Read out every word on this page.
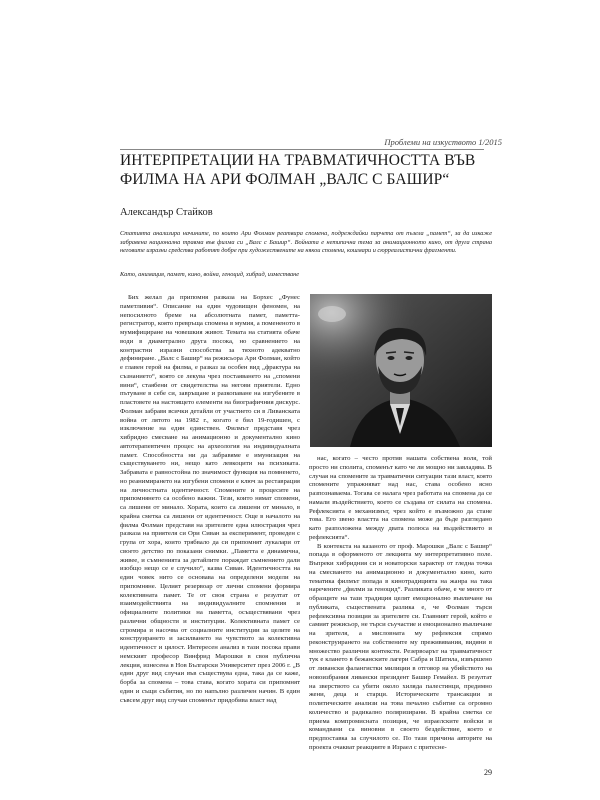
Проблеми на изкуството 1/2015
ИНТЕРПРЕТАЦИИ НА ТРАВМАТИЧНОСТТА ВЪВ ФИЛМА НА АРИ ФОЛМАН „ВАЛС С БАШИР“

Александър Стайков

Статията анализира начините, по които Ари Фолман реатвира спомена, подреждайки парчета от пъзела „памет“, за да изкаже забравена национална травма във филма си „Валс с Башир“. Войната е нетипична тема за анимационното кино, от друга страна неговите изразни средства работят добре при художествените на някои спомени, кошмари и сюрреалистични фрагменти.

Като, анимация, памет, кино, война, геноцид, хибрид, изместване

Бих желал да припомня разказа на Борхес „Фунес паметливия“. Описание на един чудовищен феномен, на непосилното бреме на абсолютната памет, паметта-регистратор, която превръща спомена в мумия, а помененото в мумифициране на човешкия живот. Темата на статията обаче води в диаметрално друга посока, но сравнението на контрастни изразни способства за тяхното адекватно дефиниране. „Валс с Башир“ на режисьора Ари Фолман, който е главен герой на филма, е разказ за особен вид „фрактура на съзнанието“, която се лекува чрез постаяването на „спомени вини“, стаябени от свидетелства на негови приятели. Едно пътуване в себе си, завръщане и разкопаване на изгубените в пластовете на настоящето елементи на биографичния дискурс. Фолман забравя всички детайли от участието си в Ливанската война от лятото на 1982 г., когато е бил 19-годишен, с изключение на един единствен. Филмът представя чрез хибридно смесване на анимационно и документално кино автотерапевтичен процес на археология на индивидуалната памет. Способността ни да забравяме е имунизация на съществуването ни, нещо като левкоцити на психиката. Забравата е равностойна по значимост функция на помненето, но реанимирането на изгубени спомени е ключ за реставрация на личностната идентичност. Спомените и процесите на припомнянето са особено важни. Тези, които нямат спомени, са лишени от минало. Хората, които са лишени от минало, в крайна сметка са лишени от идентичност. Още в началото на филма Фолман представя на зрителите една илюстрация чрез разказа на приятеля си Ори Сиван за експеримент, проведен с група от хора, които трябвало да си припомнят лукалари от своето детство по показани снимки. „Паметта е динамична, живее, и съмненията за детайлите пораждат съмнението дали изобщо нещо се е случило“, казва Сиван. Идентичността на един човек нито се основава на определени модели на припомняне. Целият резервоар от лични спомени формира колективната памет. Те от своя страна е резултат от взаимодействията на индивидуалните спомнения и официалните политики на паметта, осъществявани чрез различни общности и институции. Колективната памет се сгромира и насочва от социалните институции за целите на конструирането и засилването на чувството за колективна идентичност и цялост. Интересен анализ в тази посока прави немският професор Винфрид Марошки в своя публична лекция, изнесена в Нов Български Университет през 2006 г. „В един друг вид случаи във съществува една, така да се каже, борба за спомена – това става, когато хората си припомнят един и същи събития, но по напълно различен начин. В един съвсем друг вид случаи споменът придобива власт над

нас, когато – често против нашата собствена воля, той просто ни сполита, споменът като че ли мощно ни завладява. В случая на спомените за травматични ситуации тази власт, която спомените упражняват над нас, става особено ясно разпознаваема. Тогава се налага чрез работата на спомена да се намали въздействието, което се създава от силата на спомена. Рефлексията е механизмът, чрез който е възможно да стане това. Его звено властта на спомена може да бъде разгледано като разположена между двата полюса на въздействието и рефлексията“.

В контекста на казаното от проф. Марошки „Валс с Башир“ попада в оформеното от лекцията му интерпретативно поле. Въпреки хибридния си и новаторски характер от гледна точка на смесването на анимационно и документално кино, като тематика филмът попада в кинотрадицията на жанра на така наречените „филми за геноцид“. Разликата обаче, е че много от образците на тази традиция целят емоционално въвличане на публиката, съществената разлика е, че Фолман търси рефлексивна позиция за зрителите си. Главният герой, който е самият режисьор, не търси съучастие и емоционално въвличане на зрителя, а мисловната му рефлексия спрямо реконструирането на собствените му преживявания, видяни в множество различни контексти. Резервоарът на травматичност тук е клането в бежанските лагери Сабра и Шатила, извършено от ливански фалангистки милиции в отговор на убийството на новоизбрания ливански президент Башир Гемайел. В резултат на зверството са убити около хиляда палестинци, предимно жени, деца и старци. Историческите трансакции и политическите анализи на това печално събитие са огромно количество и радикално поляризирани. В крайна сметка се приема компромисната позиция, че израелските войски и командвани са виновни в своето бездействие, което е предпоставка за случилото се. По тази причина авторите на проекта очакват реакциите в Израел с притесне-

29
